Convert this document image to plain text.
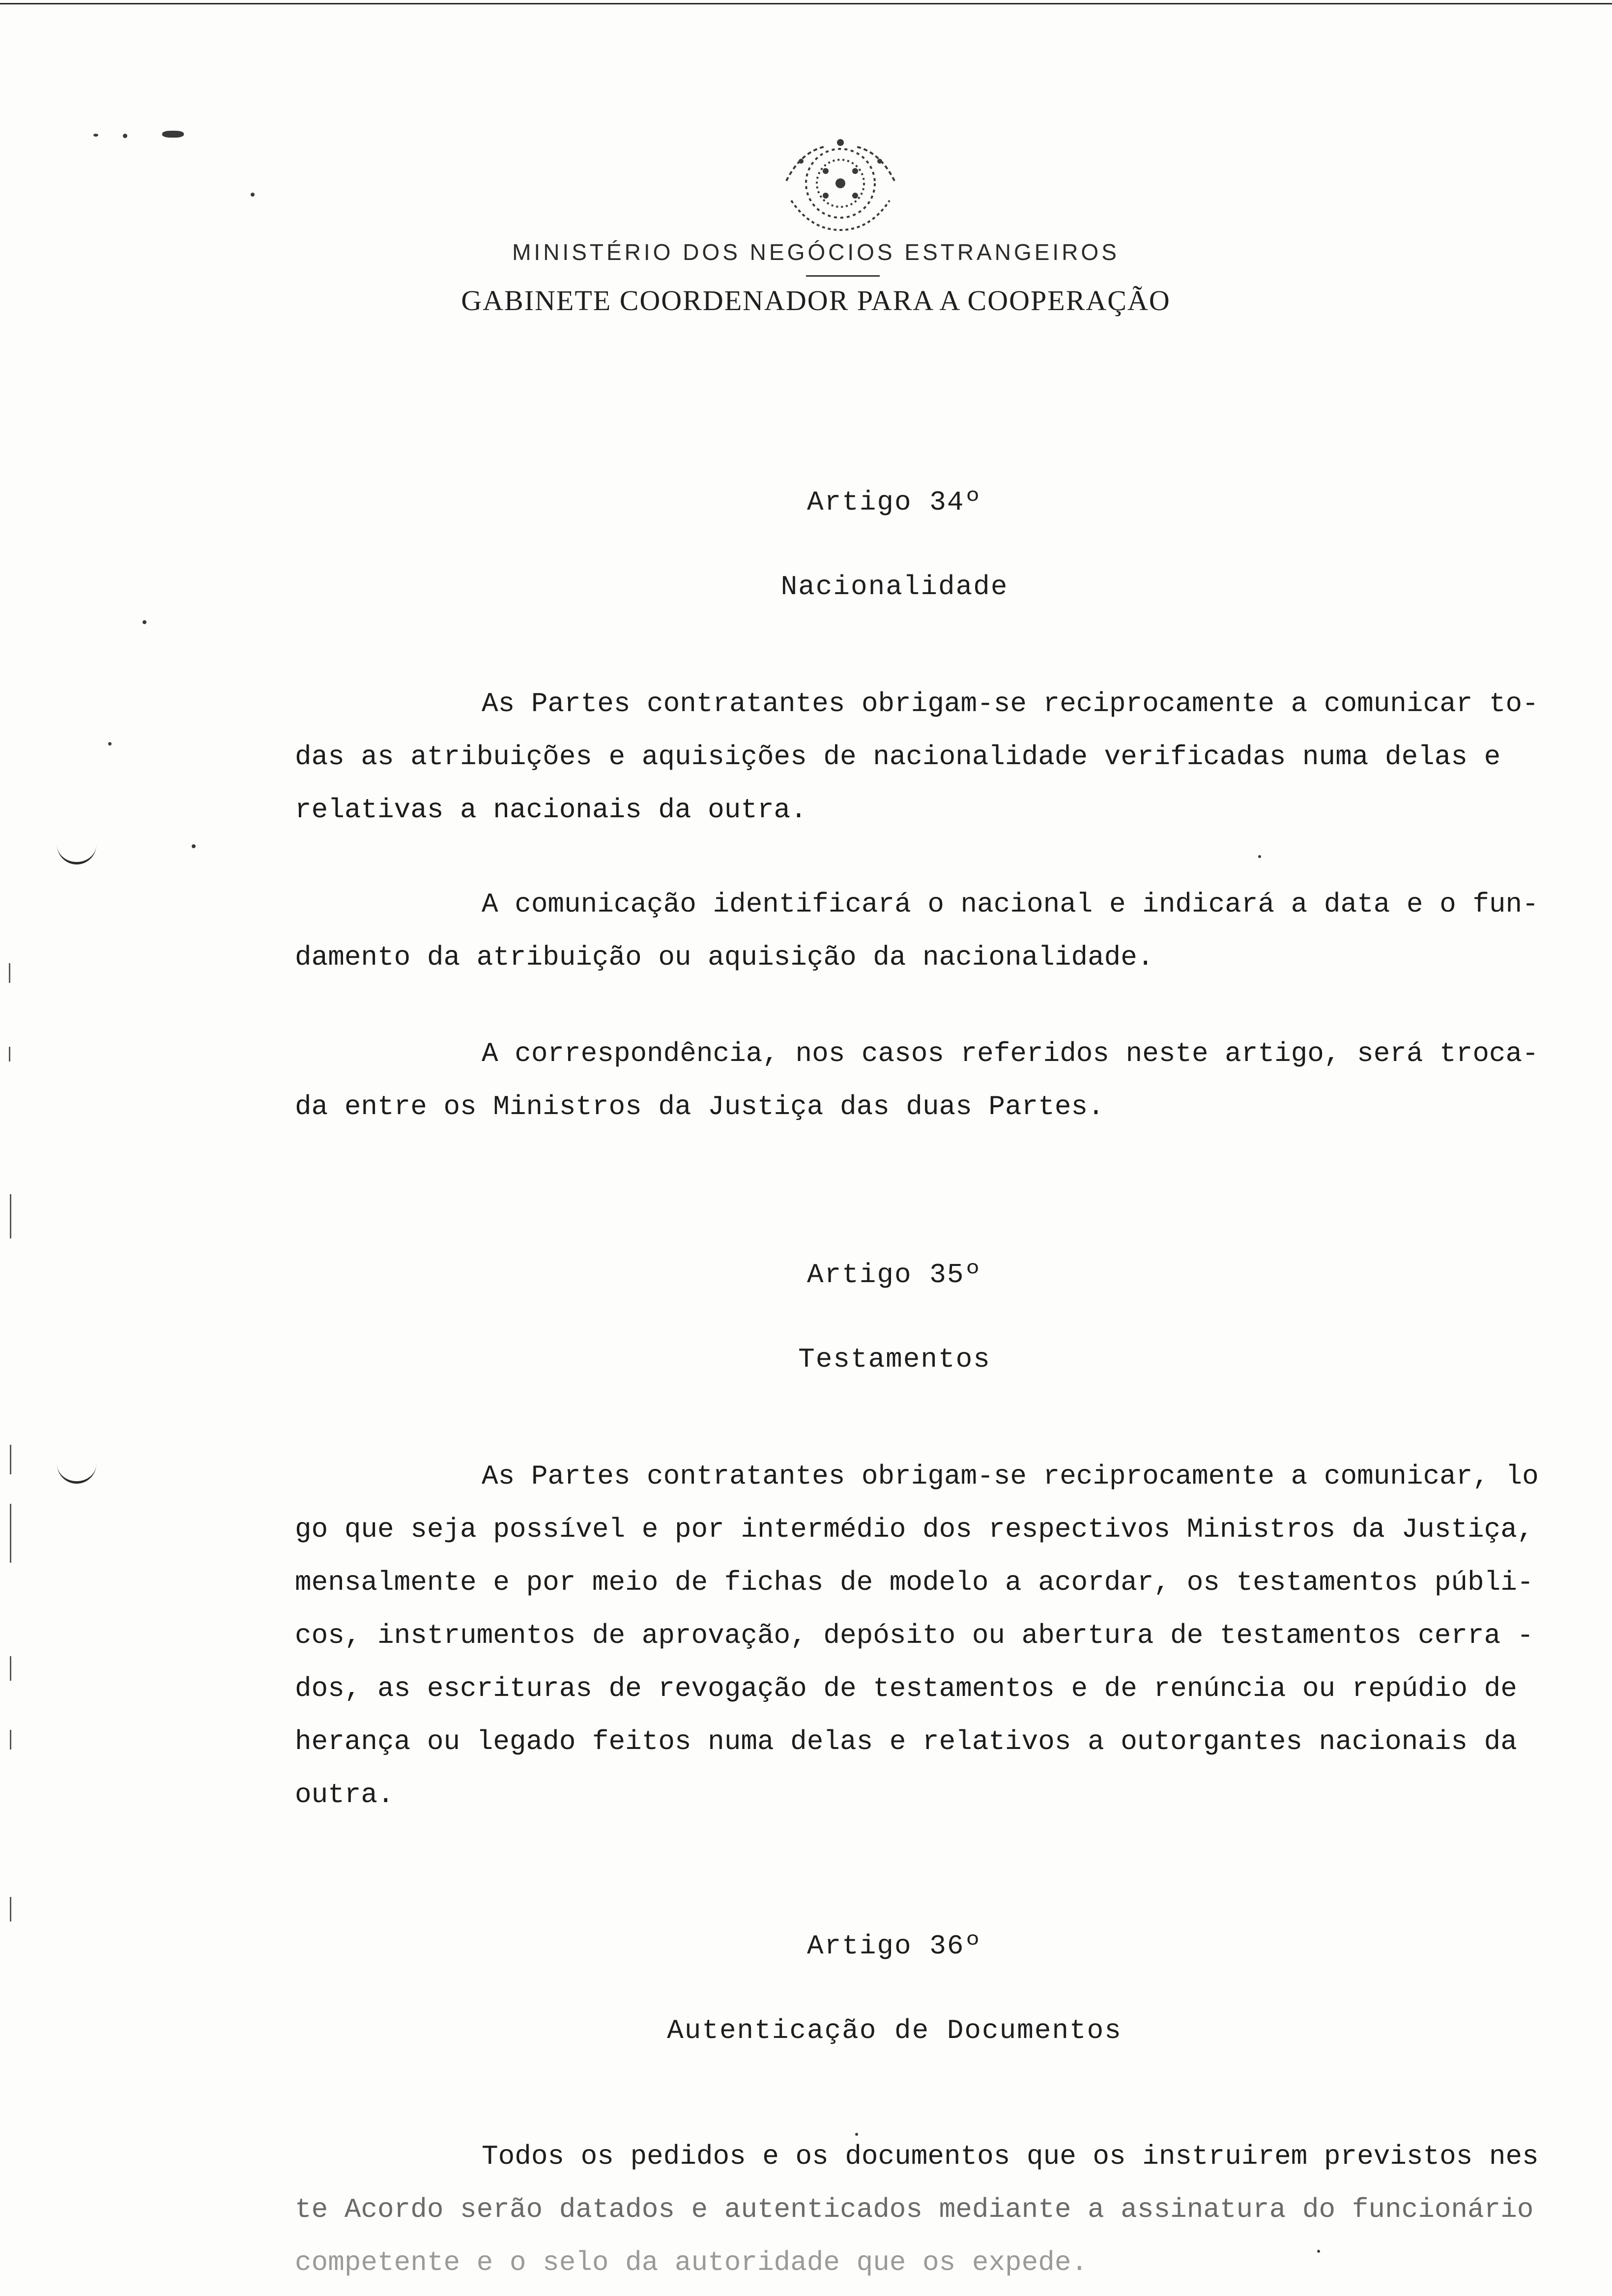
MINISTÉRIO DOS NEGÓCIOS ESTRANGEIROS
GABINETE COORDENADOR PARA A COOPERAÇÃO
Artigo 34º
Nacionalidade
As Partes contratantes obrigam-se reciprocamente a comunicar to-
das as atribuições e aquisições de nacionalidade verificadas numa delas e
relativas a nacionais da outra.
A comunicação identificará o nacional e indicará a data e o fun-
damento da atribuição ou aquisição da nacionalidade.
A correspondência, nos casos referidos neste artigo, será troca-
da entre os Ministros da Justiça das duas Partes.
Artigo 35º
Testamentos
As Partes contratantes obrigam-se reciprocamente a comunicar, lo
go que seja possível e por intermédio dos respectivos Ministros da Justiça,
mensalmente e por meio de fichas de modelo a acordar, os testamentos públi-
cos, instrumentos de aprovação, depósito ou abertura de testamentos cerra -
dos, as escrituras de revogação de testamentos e de renúncia ou repúdio de
herança ou legado feitos numa delas e relativos a outorgantes nacionais da
outra.
Artigo 36º
Autenticação de Documentos
Todos os pedidos e os documentos que os instruirem previstos nes
te Acordo serão datados e autenticados mediante a assinatura do funcionário
competente e o selo da autoridade que os expede.
